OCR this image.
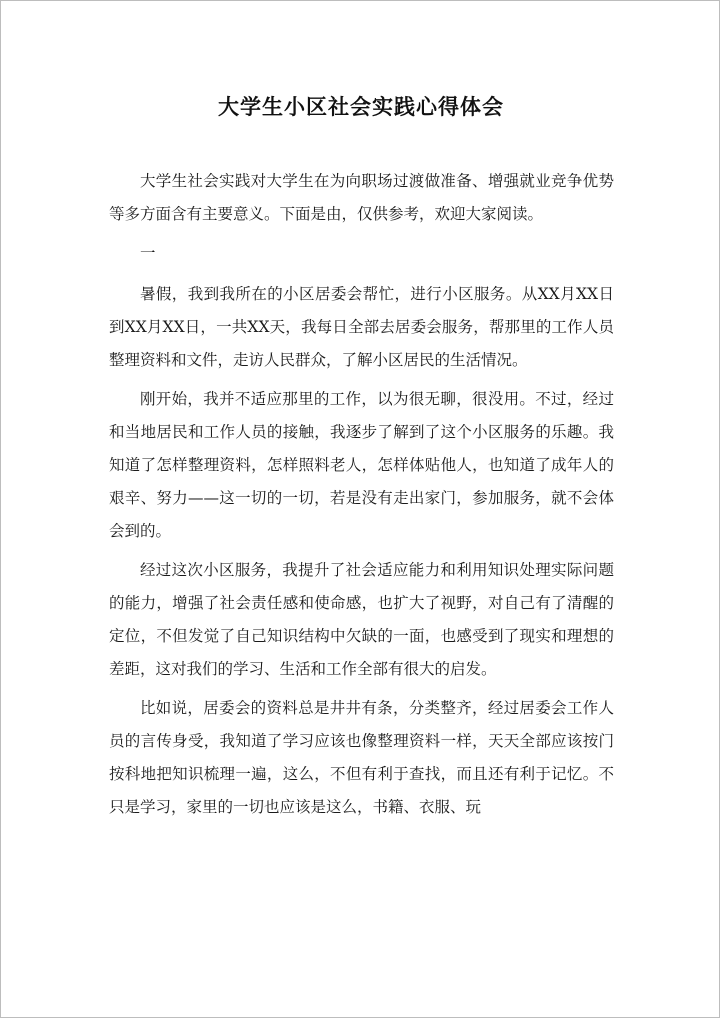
大学生小区社会实践心得体会

大学生社会实践对大学生在为向职场过渡做准备、增强就业竞争优势等多方面含有主要意义。下面是由，仅供参考，欢迎大家阅读。

一

暑假，我到我所在的小区居委会帮忙，进行小区服务。从XX月XX日到XX月XX日，一共XX天，我每日全部去居委会服务，帮那里的工作人员整理资料和文件，走访人民群众，了解小区居民的生活情况。

刚开始，我并不适应那里的工作，以为很无聊，很没用。不过，经过和当地居民和工作人员的接触，我逐步了解到了这个小区服务的乐趣。我知道了怎样整理资料，怎样照料老人，怎样体贴他人，也知道了成年人的艰辛、努力——这一切的一切，若是没有走出家门，参加服务，就不会体会到的。

经过这次小区服务，我提升了社会适应能力和利用知识处理实际问题的能力，增强了社会责任感和使命感，也扩大了视野，对自己有了清醒的定位，不但发觉了自己知识结构中欠缺的一面，也感受到了现实和理想的差距，这对我们的学习、生活和工作全部有很大的启发。

比如说，居委会的资料总是井井有条，分类整齐，经过居委会工作人员的言传身受，我知道了学习应该也像整理资料一样，天天全部应该按门按科地把知识梳理一遍，这么，不但有利于查找，而且还有利于记忆。不只是学习，家里的一切也应该是这么，书籍、衣服、玩
